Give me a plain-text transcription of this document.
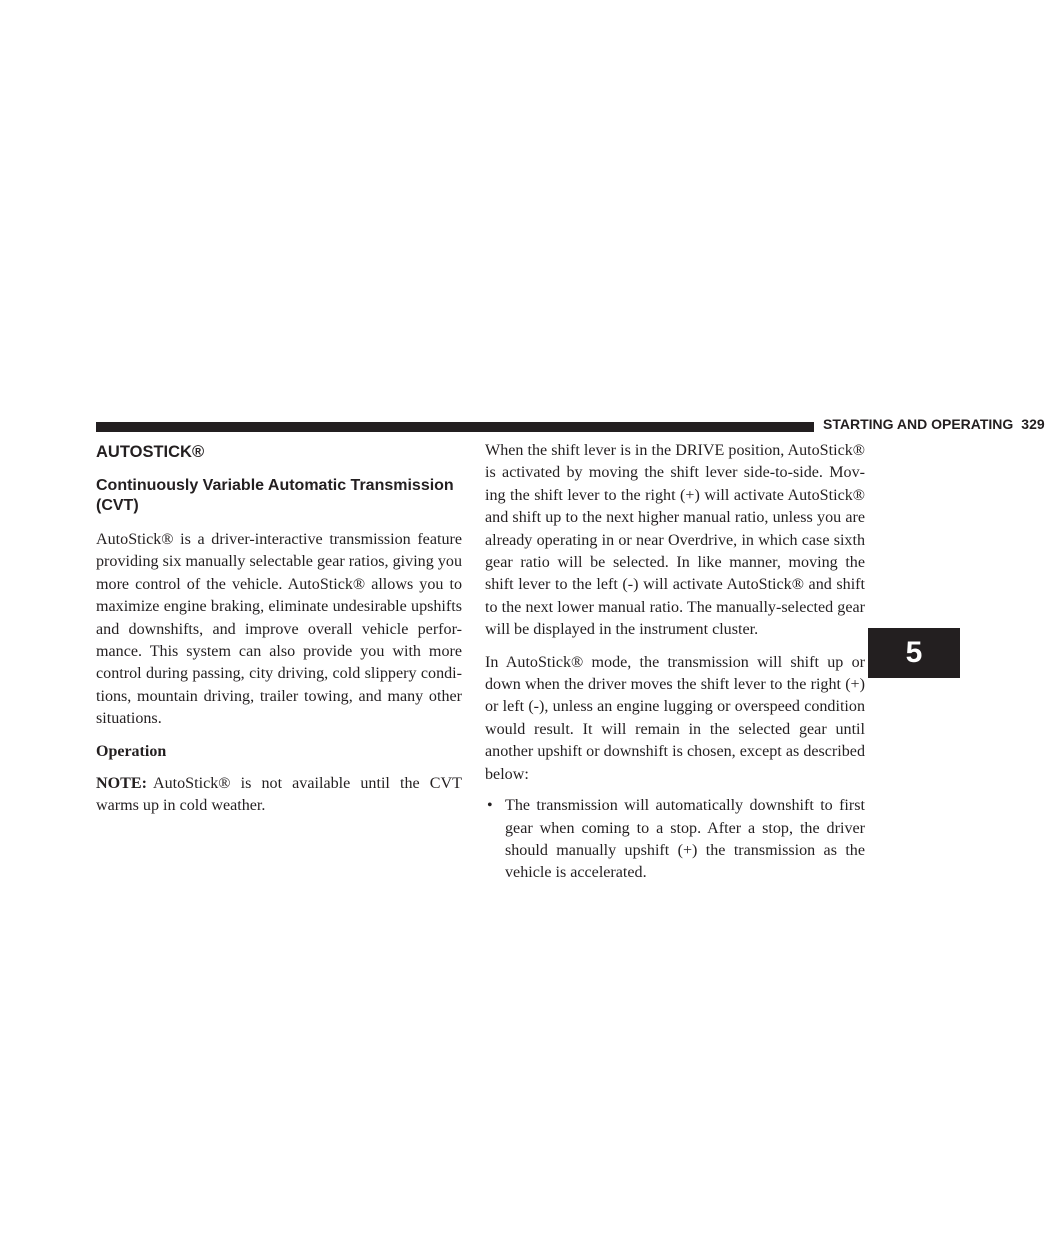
STARTING AND OPERATING 329
5
AUTOSTICK®
Continuously Variable Automatic Transmission (CVT)

AutoStick® is a driver-interactive transmission feature providing six manually selectable gear ratios, giving you more control of the vehicle. AutoStick® allows you to maximize engine braking, eliminate undesirable upshifts and downshifts, and improve overall vehicle perfor-mance. This system can also provide you with more control during passing, city driving, cold slippery condi-tions, mountain driving, trailer towing, and many other situations.

Operation

NOTE: AutoStick® is not available until the CVT warms up in cold weather.

When the shift lever is in the DRIVE position, AutoStick® is activated by moving the shift lever side-to-side. Mov-ing the shift lever to the right (+) will activate AutoStick® and shift up to the next higher manual ratio, unless you are already operating in or near Overdrive, in which case sixth gear ratio will be selected. In like manner, moving the shift lever to the left (-) will activate AutoStick® and shift to the next lower manual ratio. The manually-selected gear will be displayed in the instrument cluster.

In AutoStick® mode, the transmission will shift up or down when the driver moves the shift lever to the right (+) or left (-), unless an engine lugging or overspeed condition would result. It will remain in the selected gear until another upshift or downshift is chosen, except as described below:

• The transmission will automatically downshift to first gear when coming to a stop. After a stop, the driver should manually upshift (+) the transmission as the vehicle is accelerated.
